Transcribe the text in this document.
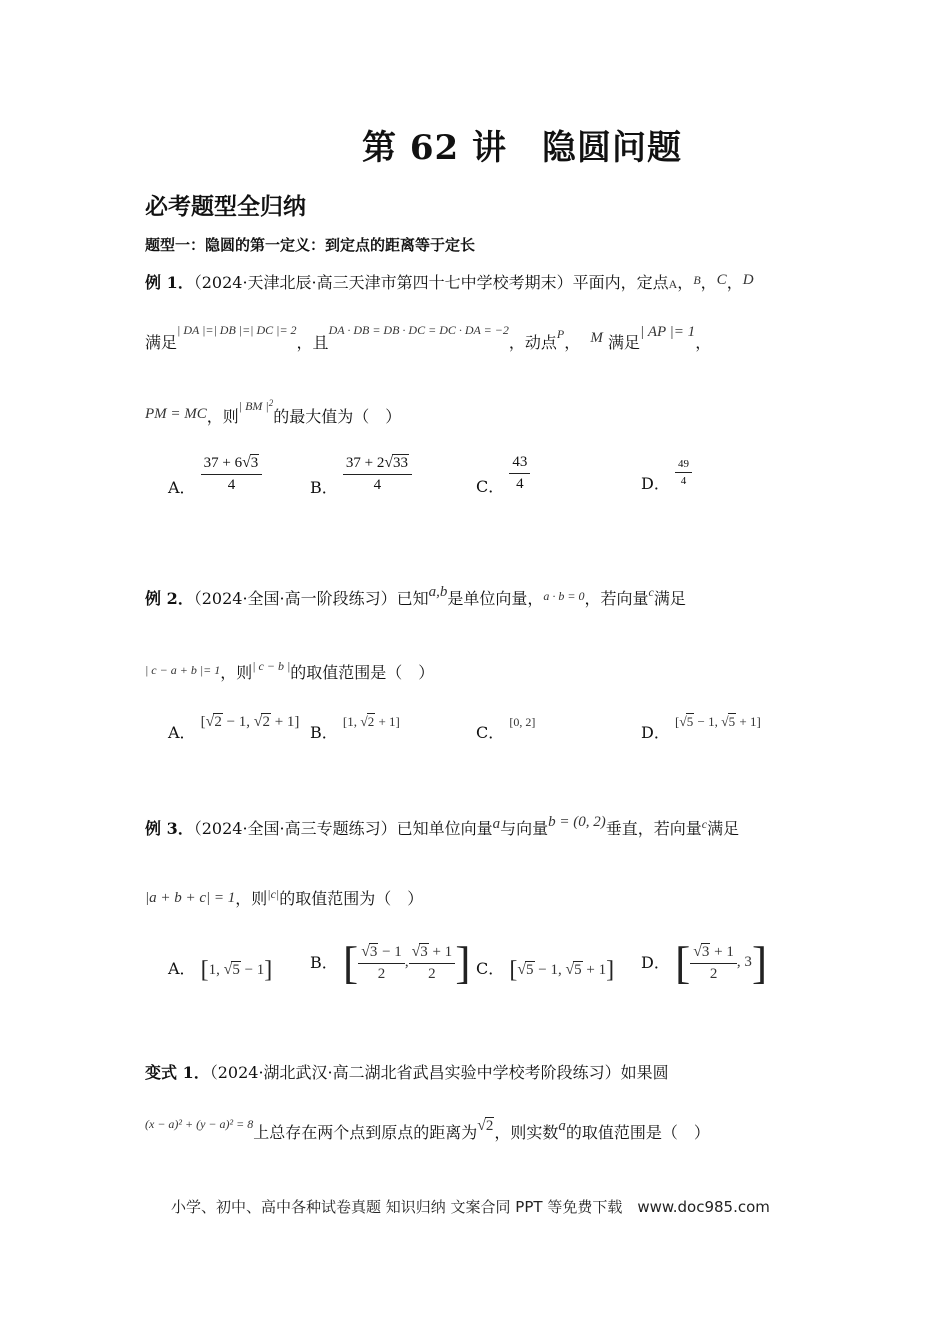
第 62 讲　隐圆问题
必考题型全归纳
题型一：隐圆的第一定义：到定点的距离等于定长
例 1．（2024·天津北辰·高三天津市第四十七中学校考期末）平面内，定点A，$^B$，C，D
满足$^{| DA |=| DB |=| DC |= 2}$，且$^{DA \cdot DB = DB \cdot DC = DC \cdot DA = -2}$，动点$^P$， M 满足| AP |= 1，
PM = MC，则$^{| BM |2}$的最大值为（　）
A． $\frac{37 + 6√3}{4}$	B． $\frac{37 + 2√33}{4}$	C． $\frac{43}{4}$	D． $\frac{49}{4}$
例 2．（2024·全国·高一阶段练习）已知a,b是单位向量，$^{a \cdot b = 0}$，若向量$^c$满足
$^{| c - a + b |= 1}$，则$^{| c - b |}$的取值范围是（　）
A． [√2 − 1, √2 + 1]
B． [1, √2 + 1]
C． [0, 2]
D． [√5 − 1, √5 + 1]
例 3．（2024·全国·高三专题练习）已知单位向量a与向量b = (0, 2)垂直，若向量$^c$满足
|a + b + c| = 1，则$^{|c|}$的取值范围为（　）
A． [1, √5 − 1] B． [ $\frac{√3 - 1}{2}$ , $\frac{√3 + 1}{2}$ ] C． [√5 − 1, √5 + 1] D． [ $\frac{√3 + 1}{2}$ , 3]
变式 1．（2024·湖北武汉·高二湖北省武昌实验中学校考阶段练习）如果圆
$^{(x - a)^2 + (y - a)^2 = 8}$上总存在两个点到原点的距离为√2，则实数a的取值范围是（　）
小学、初中、高中各种试卷真题 知识归纳 文案合同 PPT 等免费下载　www.doc985.com
